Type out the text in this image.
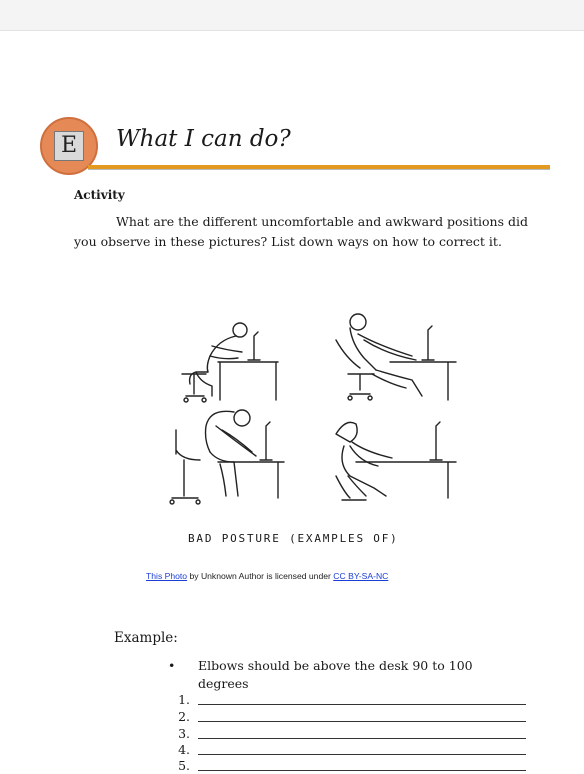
E	What I can do?
Activity
What are the different uncomfortable and awkward positions did you observe in these pictures? List down ways on how to correct it.
BAD POSTURE (EXAMPLES OF)
This Photo by Unknown Author is licensed under CC BY-SA-NC
Example:
• Elbows should be above the desk 90 to 100 degrees
1.
2.
3.
4.
5.
